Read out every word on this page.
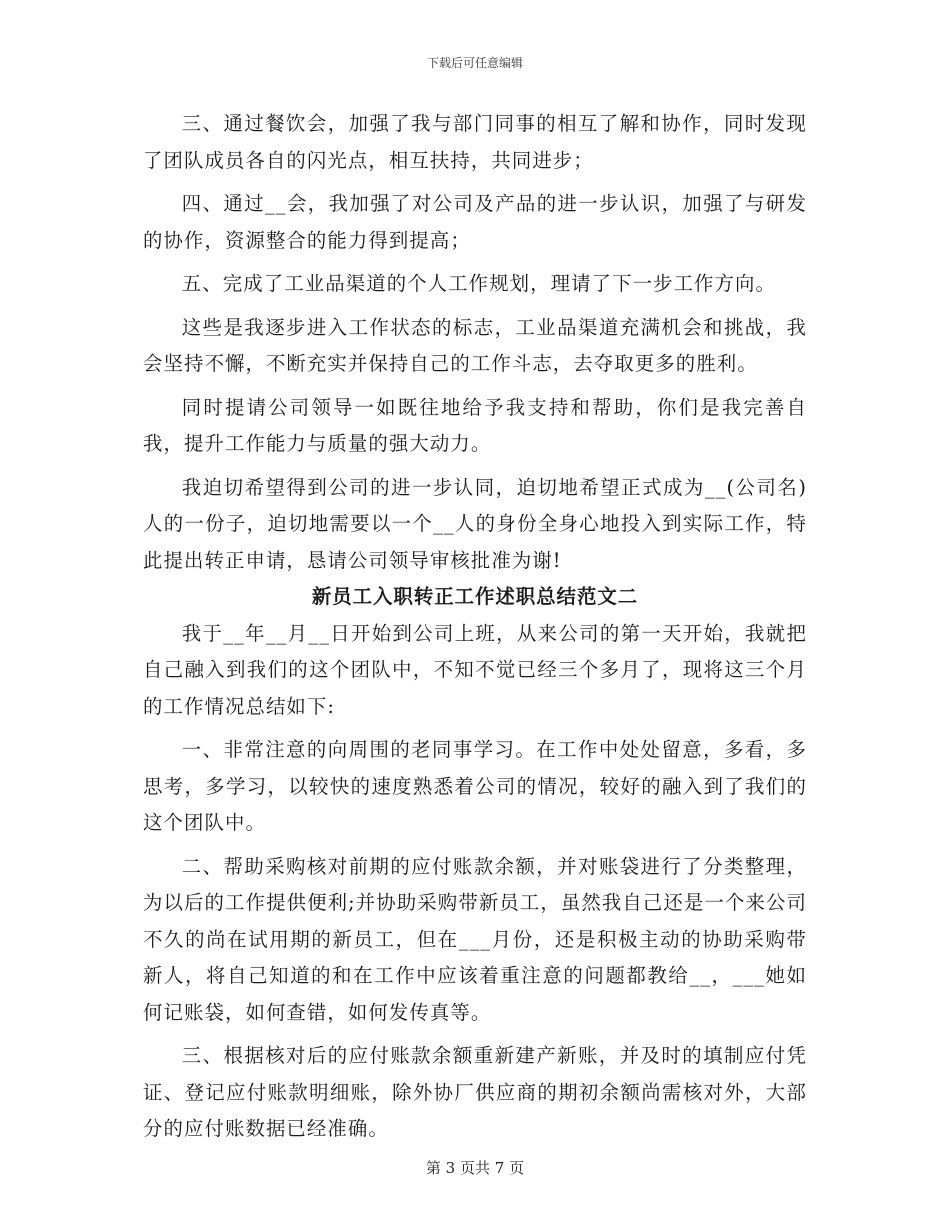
下载后可任意编辑

三、通过餐饮会，加强了我与部门同事的相互了解和协作，同时发现了团队成员各自的闪光点，相互扶持，共同进步；

四、通过__会，我加强了对公司及产品的进一步认识，加强了与研发的协作，资源整合的能力得到提高；

五、完成了工业品渠道的个人工作规划，理请了下一步工作方向。

这些是我逐步进入工作状态的标志，工业品渠道充满机会和挑战，我会坚持不懈，不断充实并保持自己的工作斗志，去夺取更多的胜利。

同时提请公司领导一如既往地给予我支持和帮助，你们是我完善自我，提升工作能力与质量的强大动力。

我迫切希望得到公司的进一步认同，迫切地希望正式成为__(公司名)人的一份子，迫切地需要以一个__人的身份全身心地投入到实际工作，特此提出转正申请，恳请公司领导审核批准为谢!

新员工入职转正工作述职总结范文二

我于__年__月__日开始到公司上班，从来公司的第一天开始，我就把自己融入到我们的这个团队中，不知不觉已经三个多月了，现将这三个月的工作情况总结如下:

一、非常注意的向周围的老同事学习。在工作中处处留意，多看，多思考，多学习，以较快的速度熟悉着公司的情况，较好的融入到了我们的这个团队中。

二、帮助采购核对前期的应付账款余额，并对账袋进行了分类整理，为以后的工作提供便利;并协助采购带新员工，虽然我自己还是一个来公司不久的尚在试用期的新员工，但在___月份，还是积极主动的协助采购带新人，将自己知道的和在工作中应该着重注意的问题都教给__，___她如何记账袋，如何查错，如何发传真等。

三、根据核对后的应付账款余额重新建产新账，并及时的填制应付凭证、登记应付账款明细账，除外协厂供应商的期初余额尚需核对外，大部分的应付账数据已经准确。

第 3 页共 7 页
